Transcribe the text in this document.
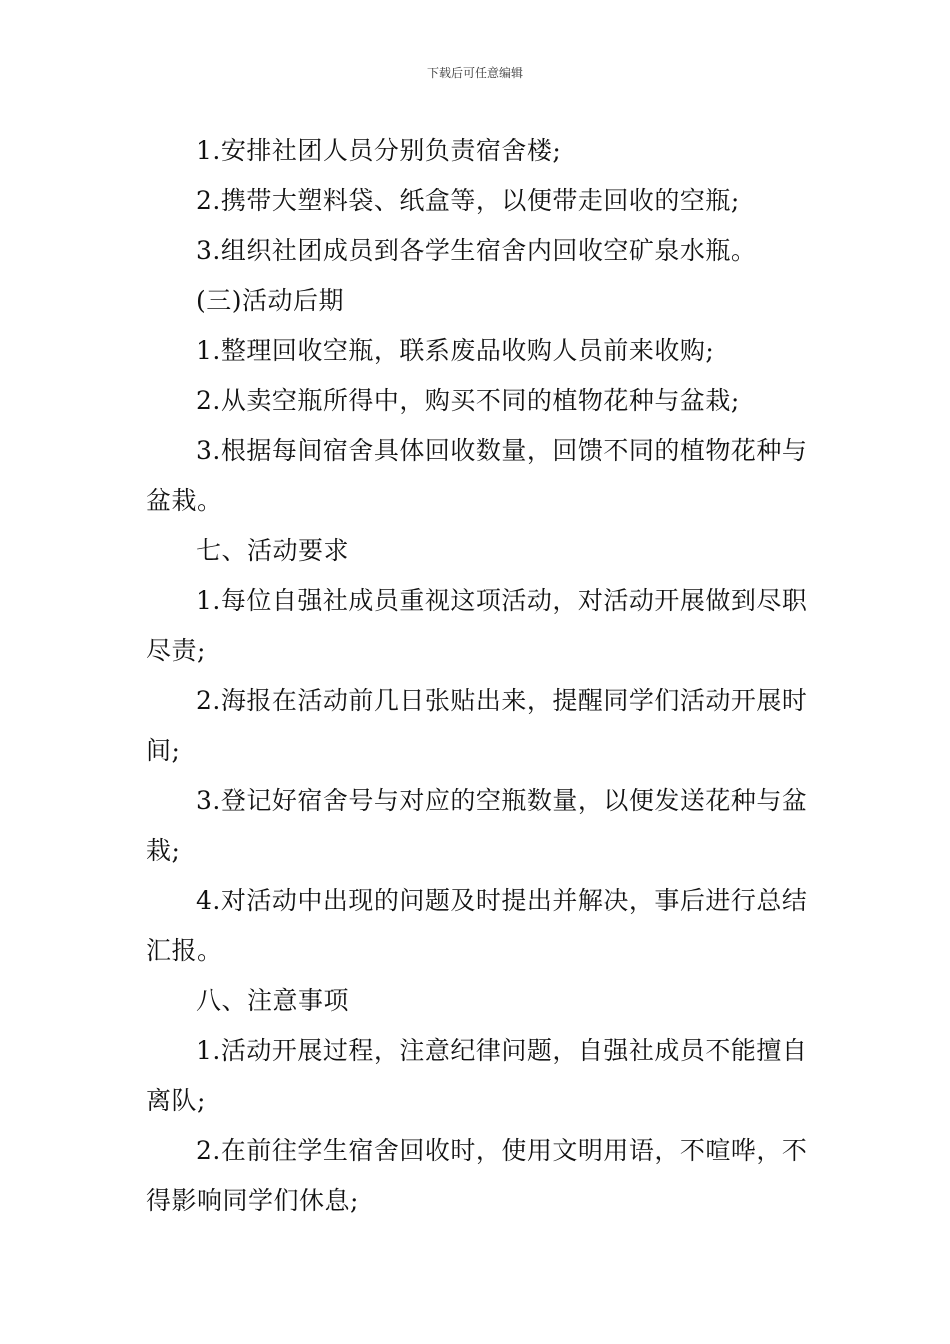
下载后可任意编辑

1.安排社团人员分别负责宿舍楼;

2.携带大塑料袋、纸盒等，以便带走回收的空瓶;

3.组织社团成员到各学生宿舍内回收空矿泉水瓶。

(三)活动后期

1.整理回收空瓶，联系废品收购人员前来收购;

2.从卖空瓶所得中，购买不同的植物花种与盆栽;

3.根据每间宿舍具体回收数量，回馈不同的植物花种与盆栽。

七、活动要求

1.每位自强社成员重视这项活动，对活动开展做到尽职尽责;

2.海报在活动前几日张贴出来，提醒同学们活动开展时间;

3.登记好宿舍号与对应的空瓶数量，以便发送花种与盆栽;

4.对活动中出现的问题及时提出并解决，事后进行总结汇报。

八、注意事项

1.活动开展过程，注意纪律问题，自强社成员不能擅自离队;

2.在前往学生宿舍回收时，使用文明用语，不喧哗，不得影响同学们休息;
